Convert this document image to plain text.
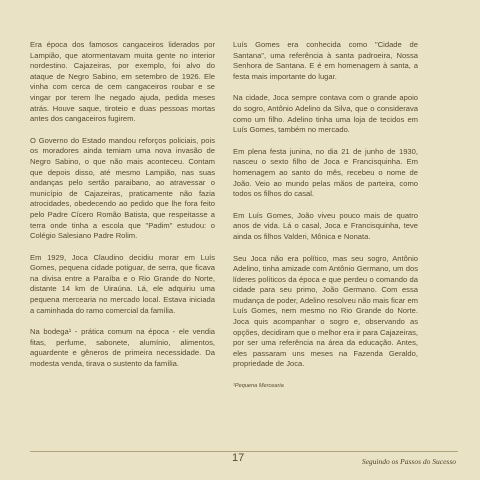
Era época dos famosos cangaceiros liderados por Lampião, que atormentavam muita gente no interior nordestino. Cajazeiras, por exemplo, foi alvo do ataque de Negro Sabino, em setembro de 1926. Ele vinha com cerca de cem cangaceiros roubar e se vingar por terem lhe negado ajuda, pedida meses atrás. Houve saque, tiroteio e duas pessoas mortas antes dos cangaceiros fugirem.

O Governo do Estado mandou reforços policiais, pois os moradores ainda temiam uma nova invasão de Negro Sabino, o que não mais aconteceu. Contam que depois disso, até mesmo Lampião, nas suas andanças pelo sertão paraibano, ao atravessar o município de Cajazeiras, praticamente não fazia atrocidades, obedecendo ao pedido que lhe fora feito pelo Padre Cícero Romão Batista, que respeitasse a terra onde tinha a escola que "Padim" estudou: o Colégio Salesiano Padre Rolim.

Em 1929, Joca Claudino decidiu morar em Luís Gomes, pequena cidade potiguar, de serra, que ficava na divisa entre a Paraíba e o Rio Grande do Norte, distante 14 km de Uiraúna. Lá, ele adquiriu uma pequena mercearia no mercado local. Estava iniciada a caminhada do ramo comercial da família.

Na bodega¹ - prática comum na época - ele vendia fitas, perfume, sabonete, alumínio, alimentos, aguardente e gêneros de primeira necessidade. Da modesta venda, tirava o sustento da família.

Luís Gomes era conhecida como "Cidade de Santana", uma referência à santa padroeira, Nossa Senhora de Santana. E é em homenagem à santa, a festa mais importante do lugar.

Na cidade, Joca sempre contava com o grande apoio do sogro, Antônio Adelino da Silva, que o considerava como um filho. Adelino tinha uma loja de tecidos em Luís Gomes, também no mercado.

Em plena festa junina, no dia 21 de junho de 1930, nasceu o sexto filho de Joca e Francisquinha. Em homenagem ao santo do mês, recebeu o nome de João. Veio ao mundo pelas mãos de parteira, como todos os filhos do casal.

Em Luís Gomes, João viveu pouco mais de quatro anos de vida. Lá o casal, Joca e Francisquinha, teve ainda os filhos Valderi, Mônica e Nonata.

Seu Joca não era político, mas seu sogro, Antônio Adelino, tinha amizade com Antônio Germano, um dos líderes políticos da época e que perdeu o comando da cidade para seu primo, João Germano. Com essa mudança de poder, Adelino resolveu não mais ficar em Luís Gomes, nem mesmo no Rio Grande do Norte. Joca quis acompanhar o sogro e, observando as opções, decidiram que o melhor era ir para Cajazeiras, por ser uma referência na área da educação. Antes, eles passaram uns meses na Fazenda Geraldo, propriedade de Joca.

¹Pequena Mercearia

17	Seguindo os Passos do Sucesso
